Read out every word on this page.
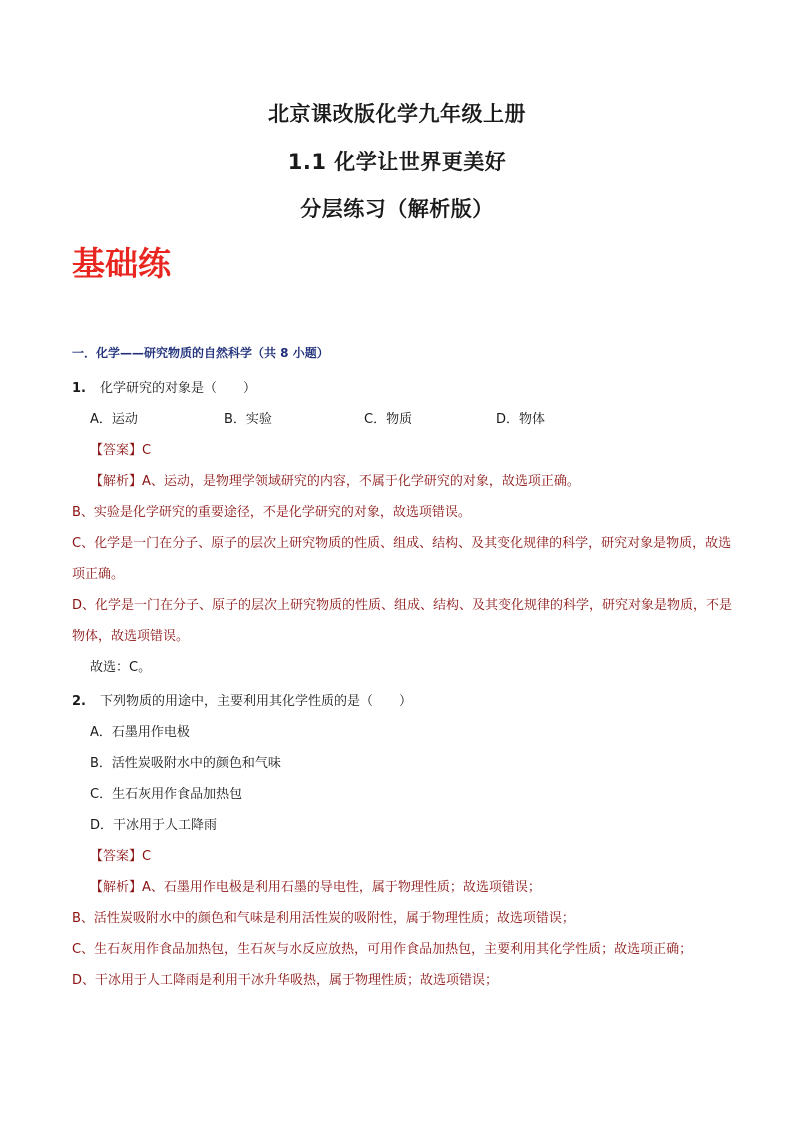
北京课改版化学九年级上册
1.1 化学让世界更美好
分层练习（解析版）
基础练
一．化学——研究物质的自然科学（共 8 小题）
1. 化学研究的对象是（　　）
A．运动	B．实验	C．物质	D．物体
【答案】C
【解析】A、运动，是物理学领域研究的内容，不属于化学研究的对象，故选项正确。
B、实验是化学研究的重要途径，不是化学研究的对象，故选项错误。
C、化学是一门在分子、原子的层次上研究物质的性质、组成、结构、及其变化规律的科学，研究对象是物质，故选项正确。
D、化学是一门在分子、原子的层次上研究物质的性质、组成、结构、及其变化规律的科学，研究对象是物质，不是物体，故选项错误。
故选：C。
2. 下列物质的用途中，主要利用其化学性质的是（　　）
A．石墨用作电极
B．活性炭吸附水中的颜色和气味
C．生石灰用作食品加热包
D．干冰用于人工降雨
【答案】C
【解析】A、石墨用作电极是利用石墨的导电性，属于物理性质；故选项错误；
B、活性炭吸附水中的颜色和气味是利用活性炭的吸附性，属于物理性质；故选项错误；
C、生石灰用作食品加热包，生石灰与水反应放热，可用作食品加热包，主要利用其化学性质；故选项正确；
D、干冰用于人工降雨是利用干冰升华吸热，属于物理性质；故选项错误；
